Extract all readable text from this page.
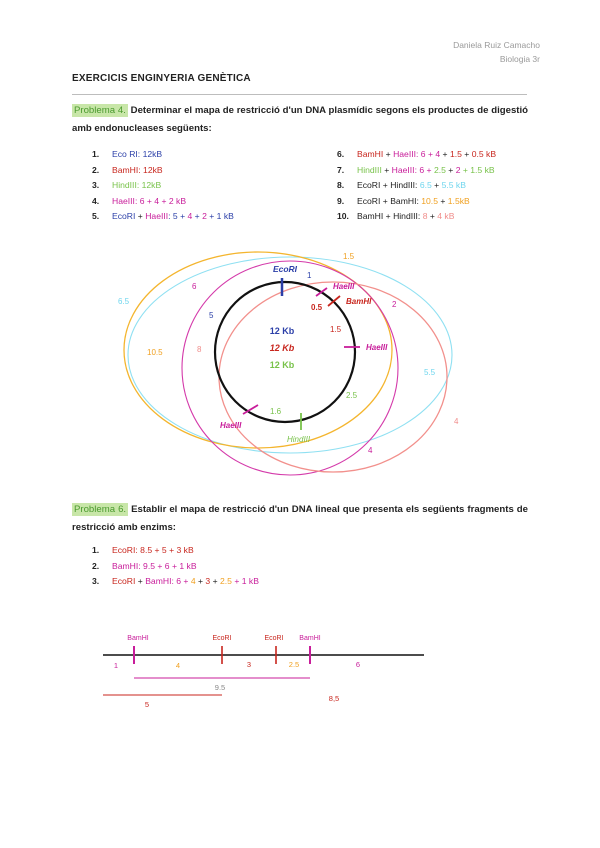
Daniela Ruiz Camacho
Biologia 3r
EXERCICIS ENGINYERIA GENÈTICA
Problema 4. Determinar el mapa de restricció d'un DNA plasmídic segons els productes de digestió amb endonucleases següents:
1. Eco RI: 12kB
2. BamHI: 12kB
3. HindIII: 12kB
4. HaeIII: 6 + 4 + 2 kB
5. EcoRI + HaeIII: 5 + 4 + 2 + 1 kB
6. BamHI + HaeIII: 6 + 4 + 1.5 + 0.5 kB
7. HindIII + HaeIII: 6 + 2.5 + 2 + 1.5 kB
8. EcoRI + HindIII: 6.5 + 5.5 kB
9. EcoRI + BamHI: 10.5 + 1.5kB
10. BamHI + HindIII: 8 + 4 kB
12 Kb
12 Kb
12 Kb
EcoRI
HaeIII
BamHI
HaeIII
HaeIII
HindIII
1
0.5
1.5
1.6
2.5
5
6
8
10.5
6.5
1.5
2
5.5
4
4
Problema 6. Establir el mapa de restricció d'un DNA lineal que presenta els següents fragments de restricció amb enzims:
1. EcoRI: 8.5 + 5 + 3 kB
2. BamHI: 9.5 + 6 + 1 kB
3. EcoRI + BamHI: 6 + 4 + 3 + 2.5 + 1 kB
BamHI	EcoRI	EcoRI BamHI
1	4	3	2.5	6
9.5
5
8,5
